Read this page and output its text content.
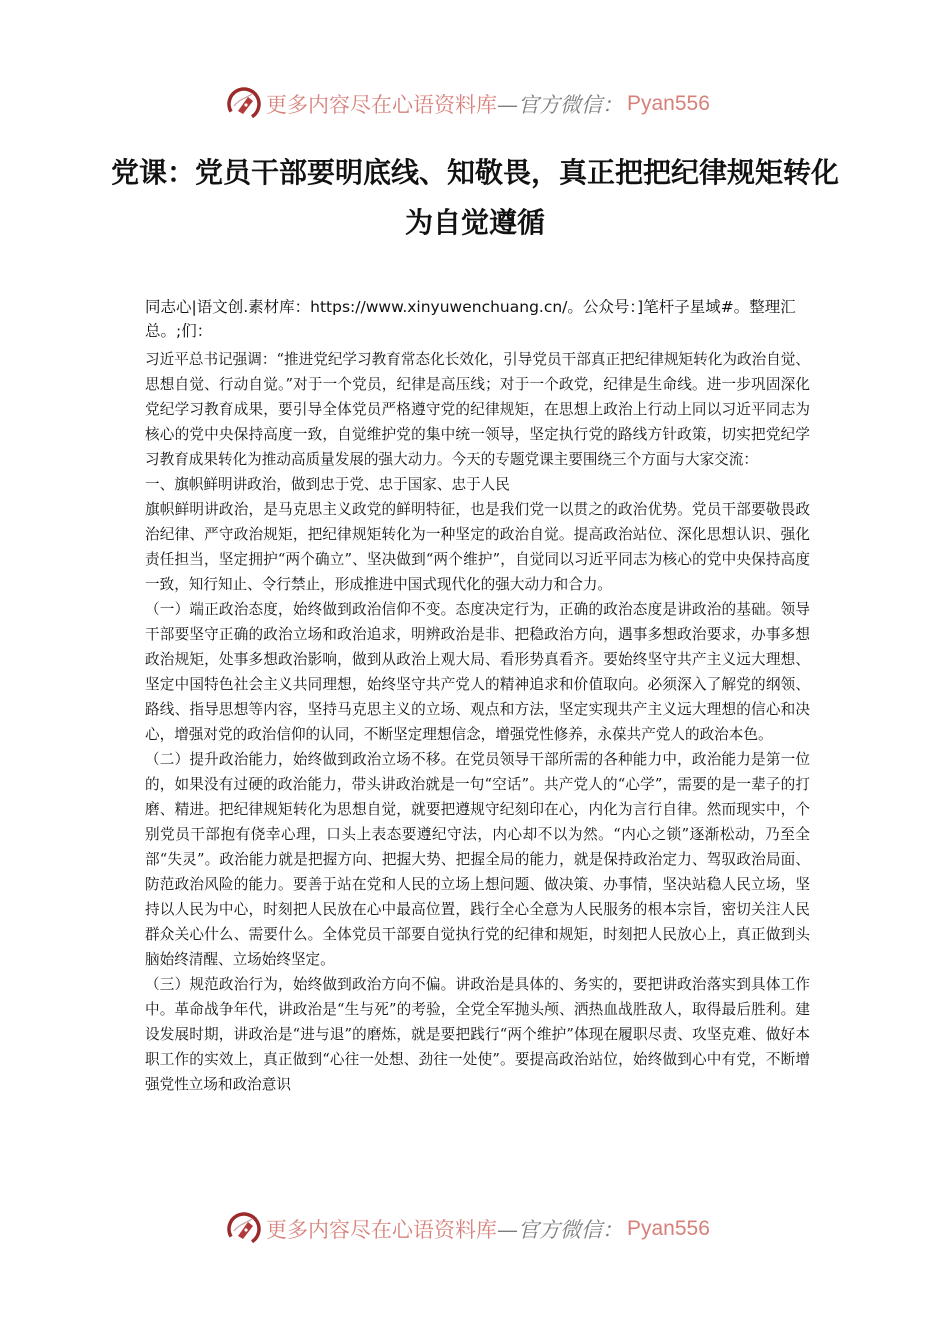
更多内容尽在心语资料库 —官方微信： Pyan556
党课：党员干部要明底线、知敬畏，真正把把纪律规矩转化为自觉遵循
同志心|语文创.素材库：https://www.xinyuwenchuang.cn/。公众号：]笔杆子星域#。整理汇总。;们：

习近平总书记强调：“推进党纪学习教育常态化长效化，引导党员干部真正把纪律规矩转化为政治自觉、思想自觉、行动自觉。”对于一个党员，纪律是高压线；对于一个政党，纪律是生命线。进一步巩固深化党纪学习教育成果，要引导全体党员严格遵守党的纪律规矩，在思想上政治上行动上同以习近平同志为核心的党中央保持高度一致，自觉维护党的集中统一领导，坚定执行党的路线方针政策，切实把党纪学习教育成果转化为推动高质量发展的强大动力。今天的专题党课主要围绕三个方面与大家交流：

一、旗帜鲜明讲政治，做到忠于党、忠于国家、忠于人民

旗帜鲜明讲政治，是马克思主义政党的鲜明特征，也是我们党一以贯之的政治优势。党员干部要敬畏政治纪律、严守政治规矩，把纪律规矩转化为一种坚定的政治自觉。提高政治站位、深化思想认识、强化责任担当，坚定拥护“两个确立”、坚决做到“两个维护”，自觉同以习近平同志为核心的党中央保持高度一致，知行知止、令行禁止，形成推进中国式现代化的强大动力和合力。

（一）端正政治态度，始终做到政治信仰不变。态度决定行为，正确的政治态度是讲政治的基础。领导干部要坚守正确的政治立场和政治追求，明辨政治是非、把稳政治方向，遇事多想政治要求，办事多想政治规矩，处事多想政治影响，做到从政治上观大局、看形势真看齐。要始终坚守共产主义远大理想、坚定中国特色社会主义共同理想，始终坚守共产党人的精神追求和价值取向。必须深入了解党的纲领、路线、指导思想等内容，坚持马克思主义的立场、观点和方法，坚定实现共产主义远大理想的信心和决心，增强对党的政治信仰的认同，不断坚定理想信念，增强党性修养，永葆共产党人的政治本色。

（二）提升政治能力，始终做到政治立场不移。在党员领导干部所需的各种能力中，政治能力是第一位的，如果没有过硬的政治能力，带头讲政治就是一句“空话”。共产党人的“心学”，需要的是一辈子的打磨、精进。把纪律规矩转化为思想自觉，就要把遵规守纪刻印在心，内化为言行自律。然而现实中，个别党员干部抱有侥幸心理，口头上表态要遵纪守法，内心却不以为然。“内心之锁”逐渐松动，乃至全部“失灵”。政治能力就是把握方向、把握大势、把握全局的能力，就是保持政治定力、驾驭政治局面、防范政治风险的能力。要善于站在党和人民的立场上想问题、做决策、办事情，坚决站稳人民立场，坚持以人民为中心，时刻把人民放在心中最高位置，践行全心全意为人民服务的根本宗旨，密切关注人民群众关心什么、需要什么。全体党员干部要自觉执行党的纪律和规矩，时刻把人民放心上，真正做到头脑始终清醒、立场始终坚定。

（三）规范政治行为，始终做到政治方向不偏。讲政治是具体的、务实的，要把讲政治落实到具体工作中。革命战争年代，讲政治是“生与死”的考验，全党全军抛头颅、洒热血战胜敌人，取得最后胜利。建设发展时期，讲政治是“进与退”的磨炼，就是要把践行“两个维护”体现在履职尽责、攻坚克难、做好本职工作的实效上，真正做到“心往一处想、劲往一处使”。要提高政治站位，始终做到心中有党，不断增强党性立场和政治意识

更多内容尽在心语资料库 —官方微信： Pyan556
